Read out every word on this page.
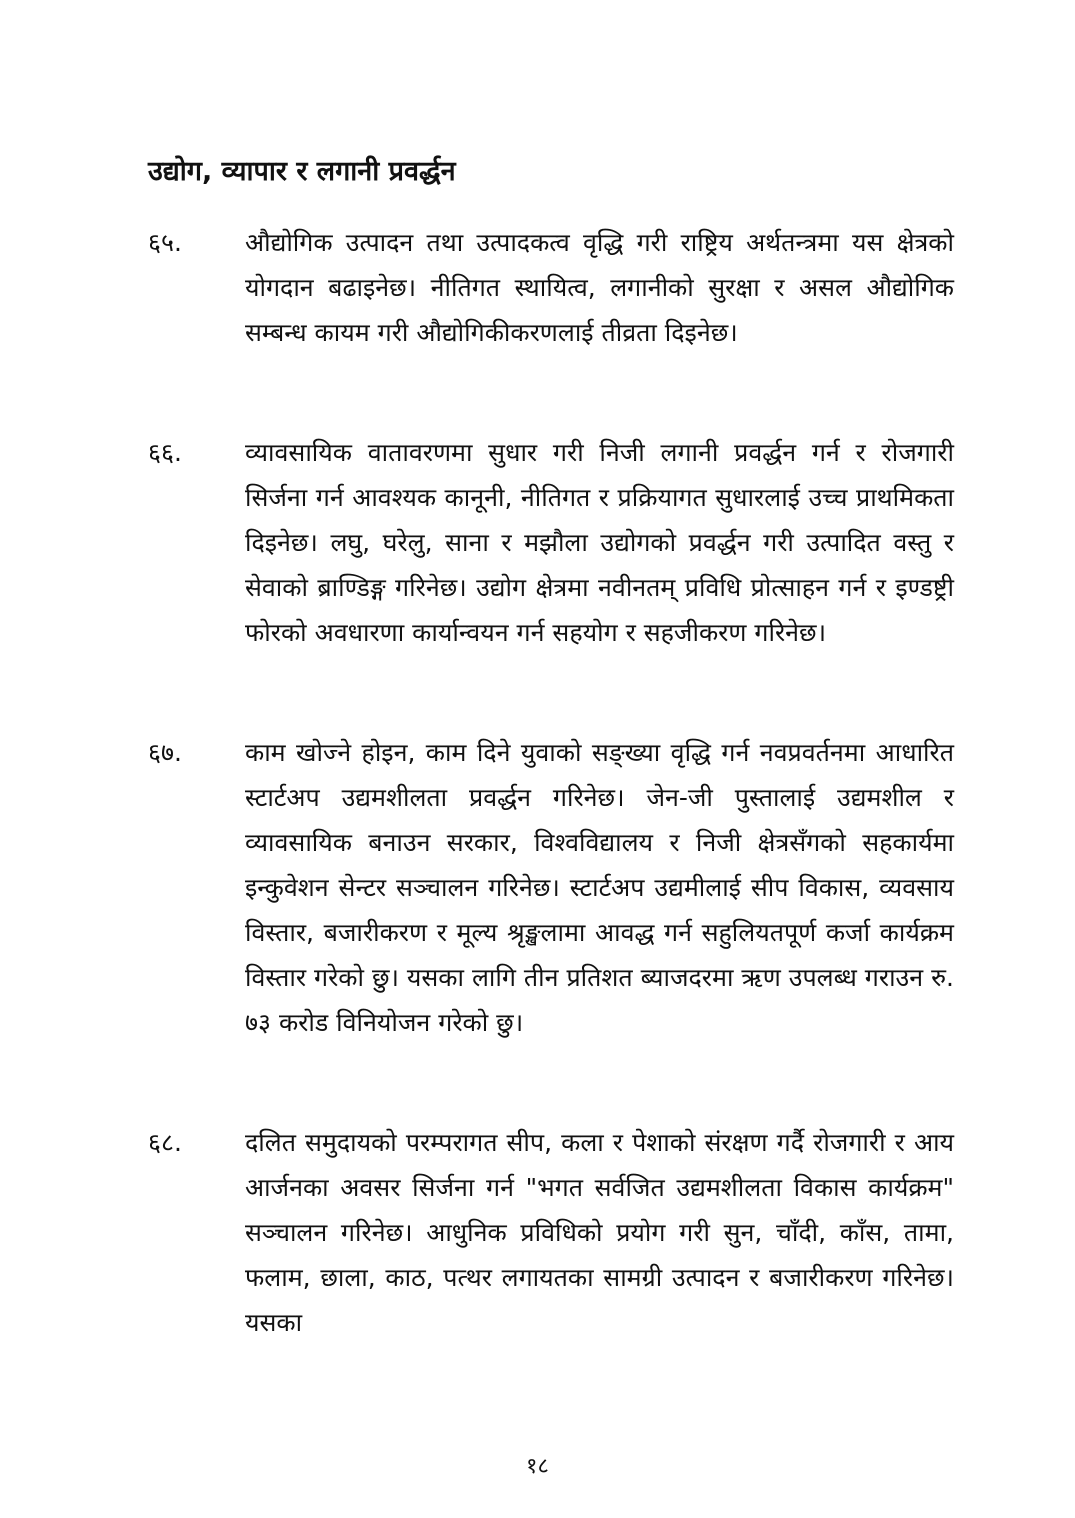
उद्योग, व्यापार र लगानी प्रवर्द्धन
६५.	औद्योगिक उत्पादन तथा उत्पादकत्व वृद्धि गरी राष्ट्रिय अर्थतन्त्रमा यस क्षेत्रको योगदान बढाइनेछ। नीतिगत स्थायित्व, लगानीको सुरक्षा र असल औद्योगिक सम्बन्ध कायम गरी औद्योगिकीकरणलाई तीव्रता दिइनेछ।
६६.	व्यावसायिक वातावरणमा सुधार गरी निजी लगानी प्रवर्द्धन गर्न र रोजगारी सिर्जना गर्न आवश्यक कानूनी, नीतिगत र प्रक्रियागत सुधारलाई उच्च प्राथमिकता दिइनेछ। लघु, घरेलु, साना र मझौला उद्योगको प्रवर्द्धन गरी उत्पादित वस्तु र सेवाको ब्राण्डिङ्ग गरिनेछ। उद्योग क्षेत्रमा नवीनतम् प्रविधि प्रोत्साहन गर्न र इण्डष्ट्री फोरको अवधारणा कार्यान्वयन गर्न सहयोग र सहजीकरण गरिनेछ।
६७.	काम खोज्ने होइन, काम दिने युवाको सङ्ख्या वृद्धि गर्न नवप्रवर्तनमा आधारित स्टार्टअप उद्यमशीलता प्रवर्द्धन गरिनेछ। जेन-जी पुस्तालाई उद्यमशील र व्यावसायिक बनाउन सरकार, विश्वविद्यालय र निजी क्षेत्रसँगको सहकार्यमा इन्कुवेशन सेन्टर सञ्चालन गरिनेछ। स्टार्टअप उद्यमीलाई सीप विकास, व्यवसाय विस्तार, बजारीकरण र मूल्य श्रृङ्खलामा आवद्ध गर्न सहुलियतपूर्ण कर्जा कार्यक्रम विस्तार गरेको छु। यसका लागि तीन प्रतिशत ब्याजदरमा ऋण उपलब्ध गराउन रु. ७३ करोड विनियोजन गरेको छु।
६८.	दलित समुदायको परम्परागत सीप, कला र पेशाको संरक्षण गर्दै रोजगारी र आय आर्जनका अवसर सिर्जना गर्न "भगत सर्वजित उद्यमशीलता विकास कार्यक्रम" सञ्चालन गरिनेछ। आधुनिक प्रविधिको प्रयोग गरी सुन, चाँदी, काँस, तामा, फलाम, छाला, काठ, पत्थर लगायतका सामग्री उत्पादन र बजारीकरण गरिनेछ। यसका
१८
